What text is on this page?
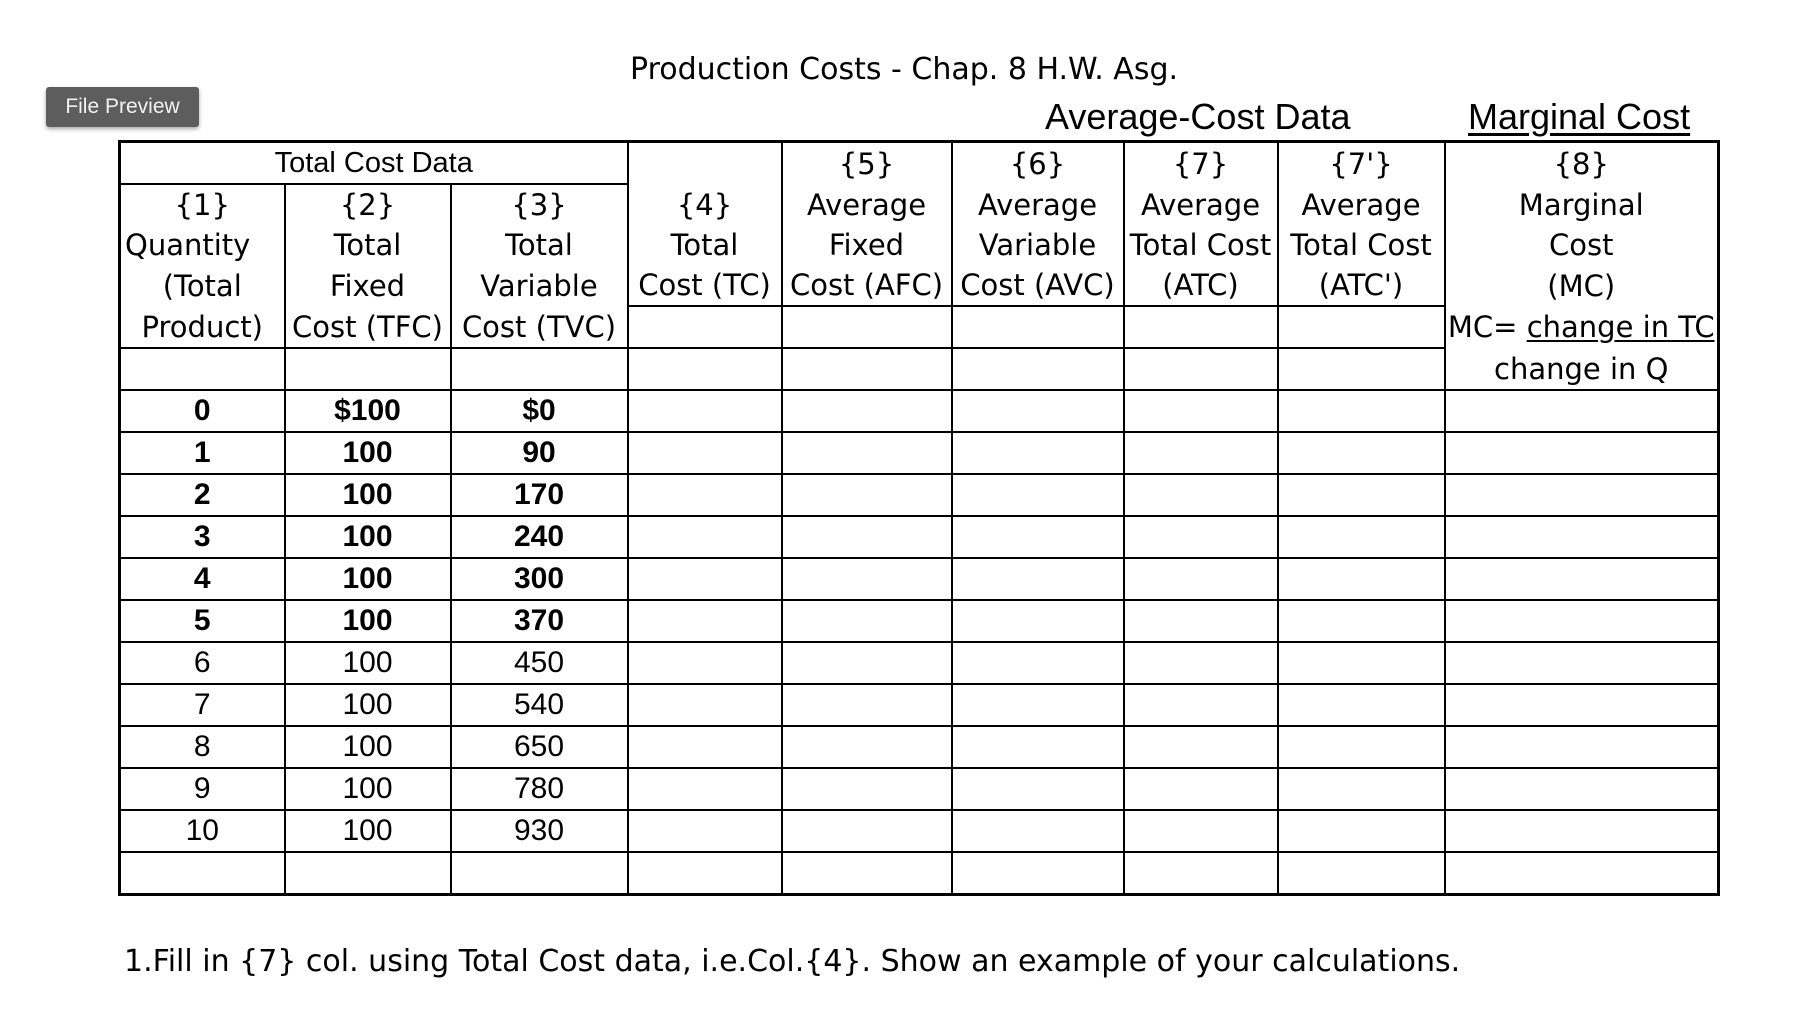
Production Costs - Chap. 8 H.W. Asg.
File Preview	Average-Cost Data	Marginal Cost
Total Cost Data				{5}	{6}	{7}	{7'}	{8}
{1}	{2}	{3}	{4}	Average	Average	Average	Average	Marginal
Quantity	Total	Total	Total	Fixed	Variable	Total Cost	Total Cost	Cost
(Total	Fixed	Variable	Cost (TC)	Cost (AFC)	Cost (AVC)	(ATC)	(ATC')	(MC)
Product)	Cost (TFC)	Cost (TVC)						MC= change in TC
								change in Q
0	$100	$0						
1	100	90						
2	100	170						
3	100	240						
4	100	300						
5	100	370						
6	100	450						
7	100	540						
8	100	650						
9	100	780						
10	100	930						

1.Fill in {7} col. using Total Cost data, i.e.Col.{4}. Show an example of your calculations.
